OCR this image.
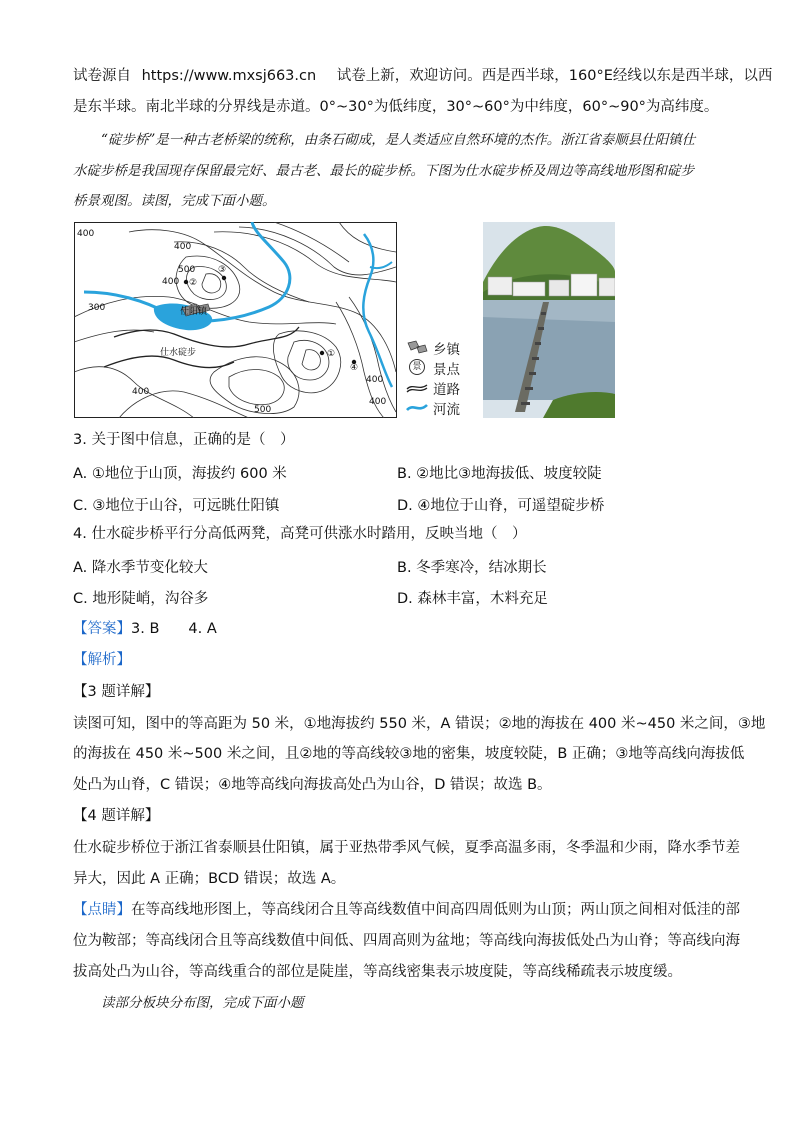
试卷源自 https://www.mxsj663.cn 试卷上新，欢迎访问。西是西半球，160°E经线以东是西半球，以西
是东半球。南北半球的分界线是赤道。0°~30°为低纬度，30°~60°为中纬度，60°~90°为高纬度。
“碇步桥”是一种古老桥梁的统称，由条石砌成，是人类适应自然环境的杰作。浙江省泰顺县仕阳镇仕
水碇步桥是我国现存保留最完好、最古老、最长的碇步桥。下图为仕水碇步桥及周边等高线地形图和碇步
桥景观图。读图，完成下面小题。
400
400
500
400
300	仕阳镇
仕水碇步
400
400
500
400
②
③
①
④
乡镇
景 景点
道路
河流
3. 关于图中信息，正确的是（　）
A. ①地位于山顶，海拔约 600 米	B. ②地比③地海拔低、坡度较陡
C. ③地位于山谷，可远眺仕阳镇	D. ④地位于山脊，可遥望碇步桥
4. 仕水碇步桥平行分高低两凳，高凳可供涨水时踏用，反映当地（　）
A. 降水季节变化较大	B. 冬季寒冷，结冰期长
C. 地形陡峭，沟谷多	D. 森林丰富，木料充足
【答案】3. B　　4. A
【解析】
【3 题详解】
读图可知，图中的等高距为 50 米，①地海拔约 550 米，A 错误；②地的海拔在 400 米~450 米之间，③地
的海拔在 450 米~500 米之间，且②地的等高线较③地的密集，坡度较陡，B 正确；③地等高线向海拔低
处凸为山脊，C 错误；④地等高线向海拔高处凸为山谷，D 错误；故选 B。
【4 题详解】
仕水碇步桥位于浙江省泰顺县仕阳镇，属于亚热带季风气候，夏季高温多雨，冬季温和少雨，降水季节差
异大，因此 A 正确；BCD 错误；故选 A。
【点睛】在等高线地形图上，等高线闭合且等高线数值中间高四周低则为山顶；两山顶之间相对低洼的部
位为鞍部；等高线闭合且等高线数值中间低、四周高则为盆地；等高线向海拔低处凸为山脊；等高线向海
拔高处凸为山谷，等高线重合的部位是陡崖，等高线密集表示坡度陡，等高线稀疏表示坡度缓。
读部分板块分布图，完成下面小题
